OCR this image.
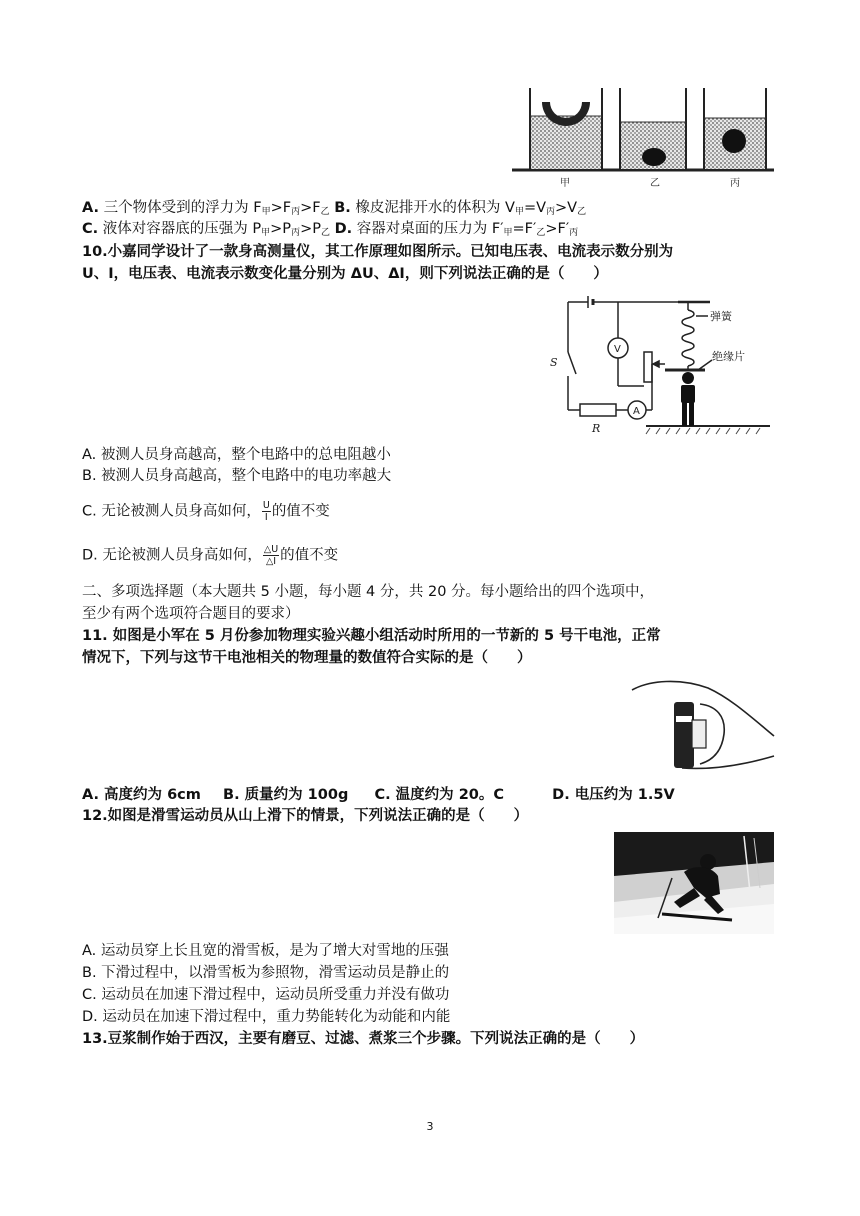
甲	乙	丙
A. 三个物体受到的浮力为 $F_甲>F_丙>F_乙$ B. 橡皮泥排开水的体积为 $V_甲=V_丙>V_乙$
C. 液体对容器底的压强为 $P_甲>P_丙>P_乙$ D. 容器对桌面的压力为 $F'_甲=F'_乙>F'_丙$
10.小嘉同学设计了一款身高测量仪，其工作原理如图所示。已知电压表、电流表示数分别为
U、I，电压表、电流表示数变化量分别为 ΔU、ΔI，则下列说法正确的是（　　）
S
R
V
A
弹簧
绝缘片
A. 被测人员身高越高，整个电路中的总电阻越小
B. 被测人员身高越高，整个电路中的电功率越大
C. 无论被测人员身高如何， $\frac{U}{I}$ 的值不变
D. 无论被测人员身高如何， $\frac{\triangle U}{\triangle I}$ 的值不变
二、多项选择题（本大题共 5 小题，每小题 4 分，共 20 分。每小题给出的四个选项中，
至少有两个选项符合题目的要求）
11. 如图是小军在 5 月份参加物理实验兴趣小组活动时所用的一节新的 5 号干电池，正常
情况下，下列与这节干电池相关的物理量的数值符合实际的是（　　）
A. 高度约为 6cm B. 质量约为 100g C. 温度约为 20。C	D. 电压约为 1.5V
12.如图是滑雪运动员从山上滑下的情景，下列说法正确的是（　　）
A. 运动员穿上长且宽的滑雪板，是为了增大对雪地的压强
B. 下滑过程中，以滑雪板为参照物，滑雪运动员是静止的
C. 运动员在加速下滑过程中，运动员所受重力并没有做功
D. 运动员在加速下滑过程中，重力势能转化为动能和内能
13.豆浆制作始于西汉，主要有磨豆、过滤、煮浆三个步骤。下列说法正确的是（　　）
3
